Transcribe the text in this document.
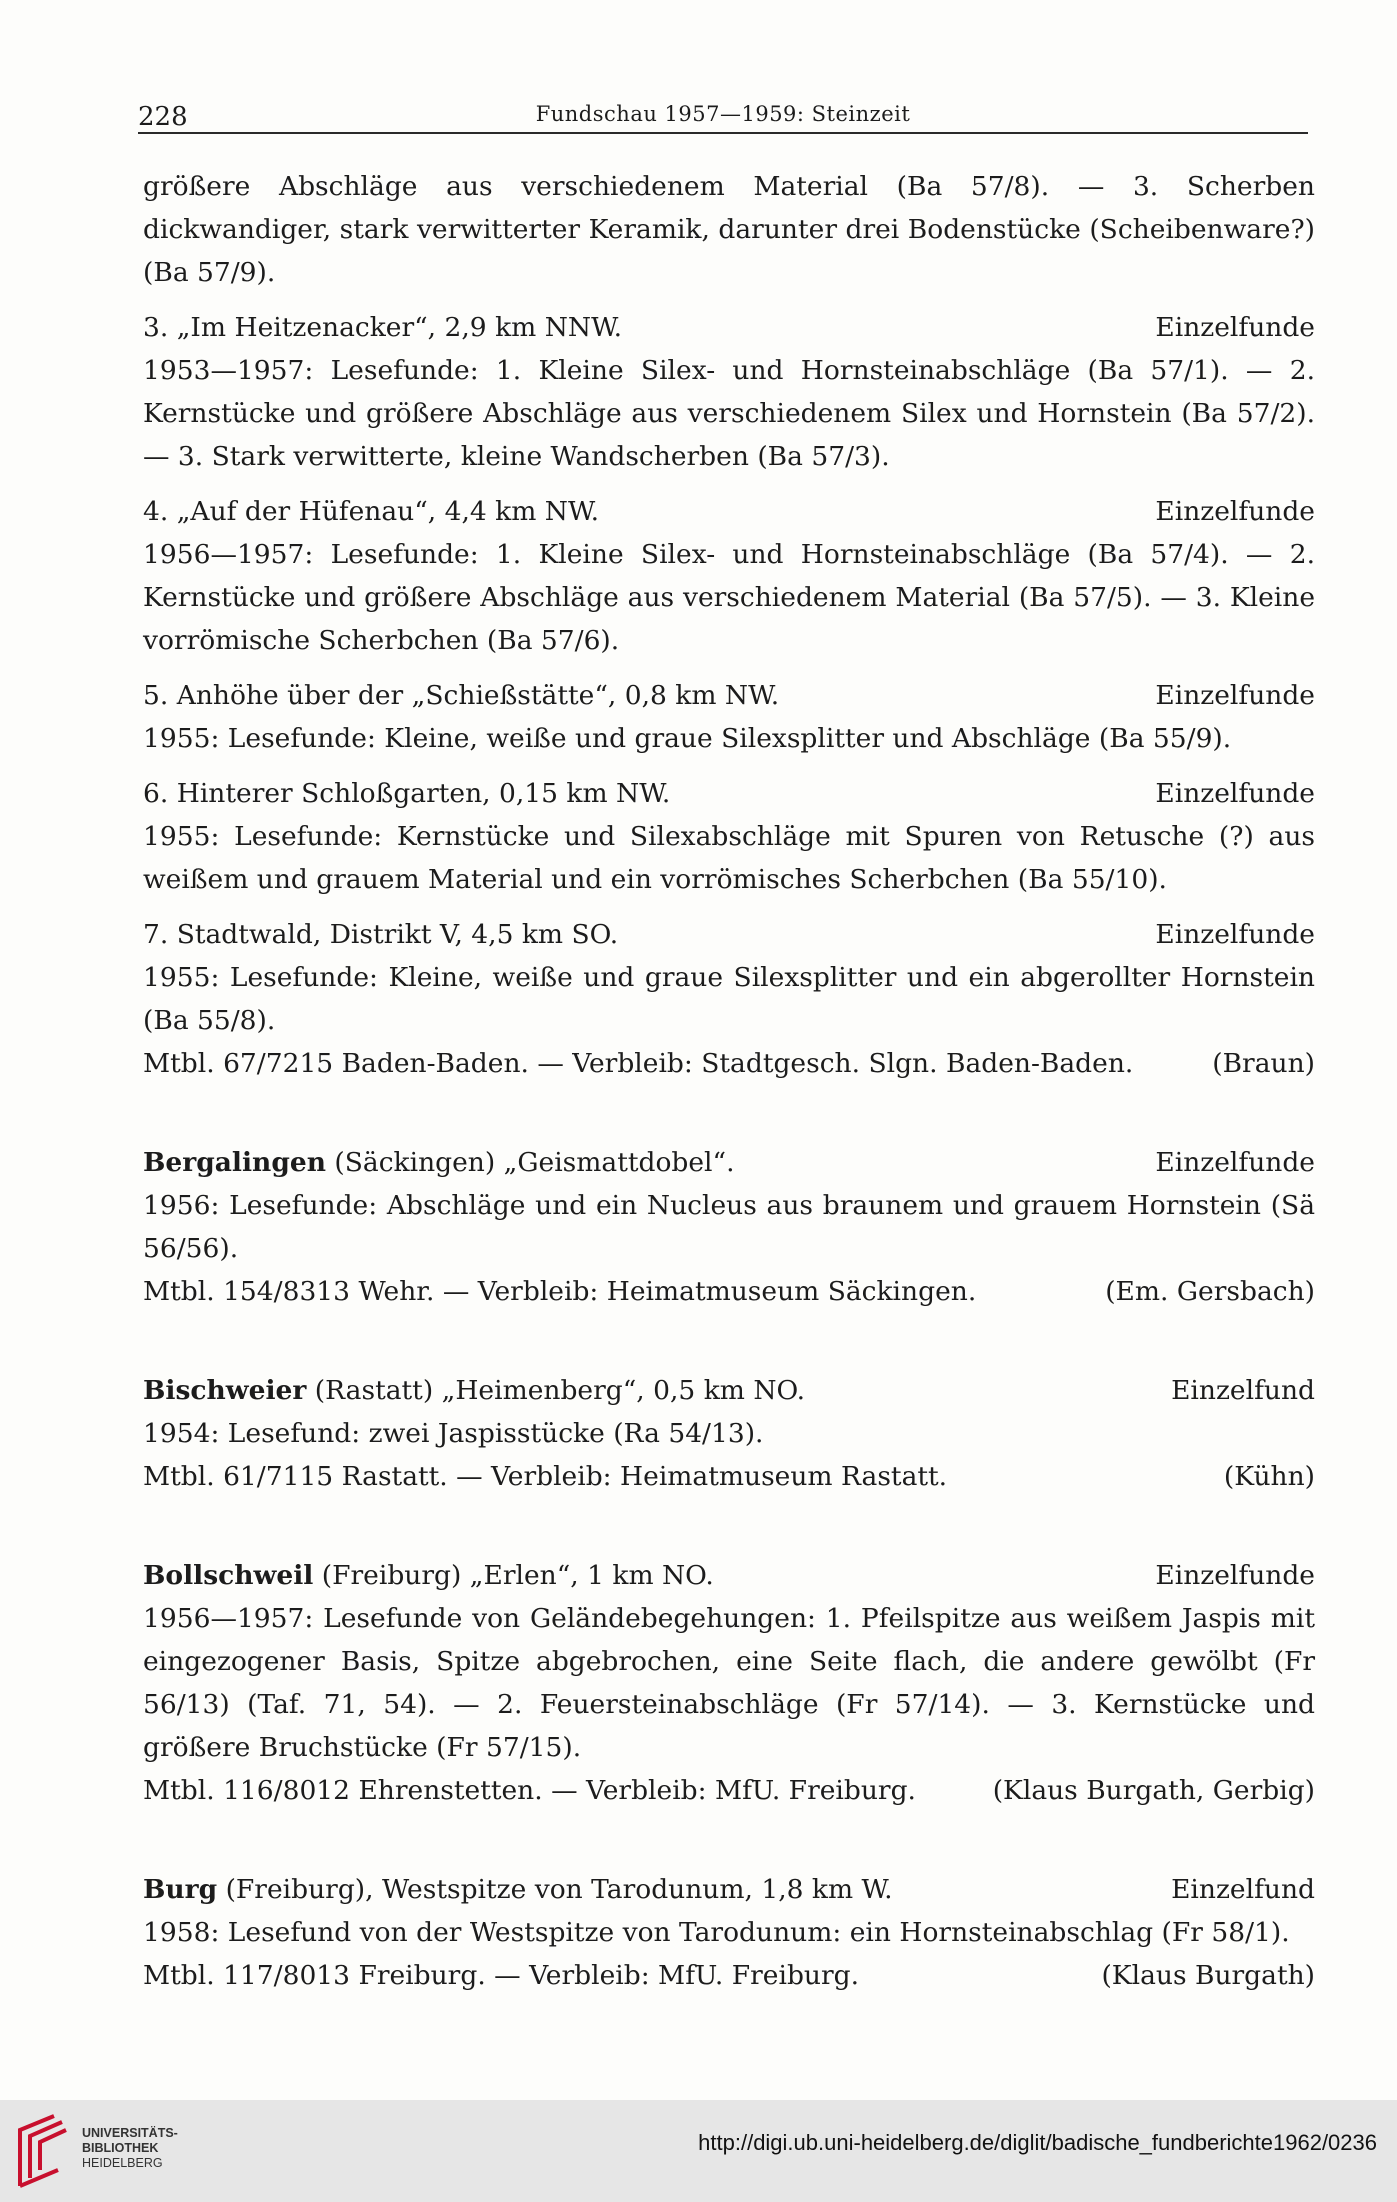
228	Fundschau 1957—1959: Steinzeit

größere Abschläge aus verschiedenem Material (Ba 57/8). — 3. Scherben dickwandiger, stark verwitterter Keramik, darunter drei Bodenstücke (Scheibenware?) (Ba 57/9).

3. „Im Heitzenacker“, 2,9 km NNW.	Einzelfunde

1953—1957: Lesefunde: 1. Kleine Silex- und Hornsteinabschläge (Ba 57/1). — 2. Kernstücke und größere Abschläge aus verschiedenem Silex und Hornstein (Ba 57/2). — 3. Stark verwitterte, kleine Wandscherben (Ba 57/3).

4. „Auf der Hüfenau“, 4,4 km NW.	Einzelfunde

1956—1957: Lesefunde: 1. Kleine Silex- und Hornsteinabschläge (Ba 57/4). — 2. Kernstücke und größere Abschläge aus verschiedenem Material (Ba 57/5). — 3. Kleine vorrömische Scherbchen (Ba 57/6).

5. Anhöhe über der „Schießstätte“, 0,8 km NW.	Einzelfunde

1955: Lesefunde: Kleine, weiße und graue Silexsplitter und Abschläge (Ba 55/9).

6. Hinterer Schloßgarten, 0,15 km NW.	Einzelfunde

1955: Lesefunde: Kernstücke und Silexabschläge mit Spuren von Retusche (?) aus weißem und grauem Material und ein vorrömisches Scherbchen (Ba 55/10).

7. Stadtwald, Distrikt V, 4,5 km SO.	Einzelfunde

1955: Lesefunde: Kleine, weiße und graue Silexsplitter und ein abgerollter Hornstein (Ba 55/8).

Mtbl. 67/7215 Baden-Baden. — Verbleib: Stadtgesch. Slgn. Baden-Baden.	(Braun)
Bergalingen (Säckingen) „Geismattdobel“.	Einzelfunde

1956: Lesefunde: Abschläge und ein Nucleus aus braunem und grauem Hornstein (Sä 56/56).

Mtbl. 154/8313 Wehr. — Verbleib: Heimatmuseum Säckingen.	(Em. Gersbach)
Bischweier (Rastatt) „Heimenberg“, 0,5 km NO.	Einzelfund

1954: Lesefund: zwei Jaspisstücke (Ra 54/13).

Mtbl. 61/7115 Rastatt. — Verbleib: Heimatmuseum Rastatt.	(Kühn)
Bollschweil (Freiburg) „Erlen“, 1 km NO.	Einzelfunde

1956—1957: Lesefunde von Geländebegehungen: 1. Pfeilspitze aus weißem Jaspis mit eingezogener Basis, Spitze abgebrochen, eine Seite flach, die andere gewölbt (Fr 56/13) (Taf. 71, 54). — 2. Feuersteinabschläge (Fr 57/14). — 3. Kernstücke und größere Bruchstücke (Fr 57/15).

Mtbl. 116/8012 Ehrenstetten. — Verbleib: MfU. Freiburg.	(Klaus Burgath, Gerbig)
Burg (Freiburg), Westspitze von Tarodunum, 1,8 km W.	Einzelfund

1958: Lesefund von der Westspitze von Tarodunum: ein Hornsteinabschlag (Fr 58/1).

Mtbl. 117/8013 Freiburg. — Verbleib: MfU. Freiburg.	(Klaus Burgath)
UNIVERSITÄTS-
BIBLIOTHEK
HEIDELBERG
http://digi.ub.uni-heidelberg.de/diglit/badische_fundberichte1962/0236
